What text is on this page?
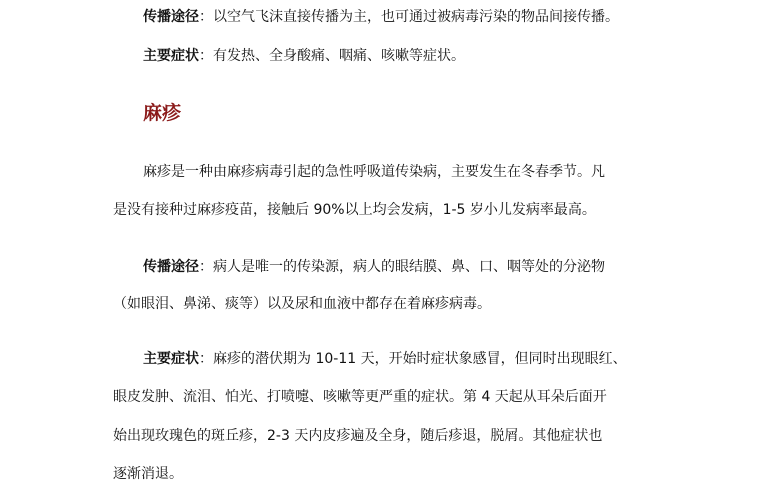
传播途径：以空气飞沫直接传播为主，也可通过被病毒污染的物品间接传播。
主要症状：有发热、全身酸痛、咽痛、咳嗽等症状。
麻疹
麻疹是一种由麻疹病毒引起的急性呼吸道传染病，主要发生在冬春季节。凡
是没有接种过麻疹疫苗，接触后 90%以上均会发病，1-5 岁小儿发病率最高。
传播途径：病人是唯一的传染源，病人的眼结膜、鼻、口、咽等处的分泌物
（如眼泪、鼻涕、痰等）以及尿和血液中都存在着麻疹病毒。
主要症状：麻疹的潜伏期为 10-11 天，开始时症状象感冒，但同时出现眼红、
眼皮发肿、流泪、怕光、打喷嚏、咳嗽等更严重的症状。第 4 天起从耳朵后面开
始出现玫瑰色的斑丘疹，2-3 天内皮疹遍及全身，随后疹退，脱屑。其他症状也
逐渐消退。
